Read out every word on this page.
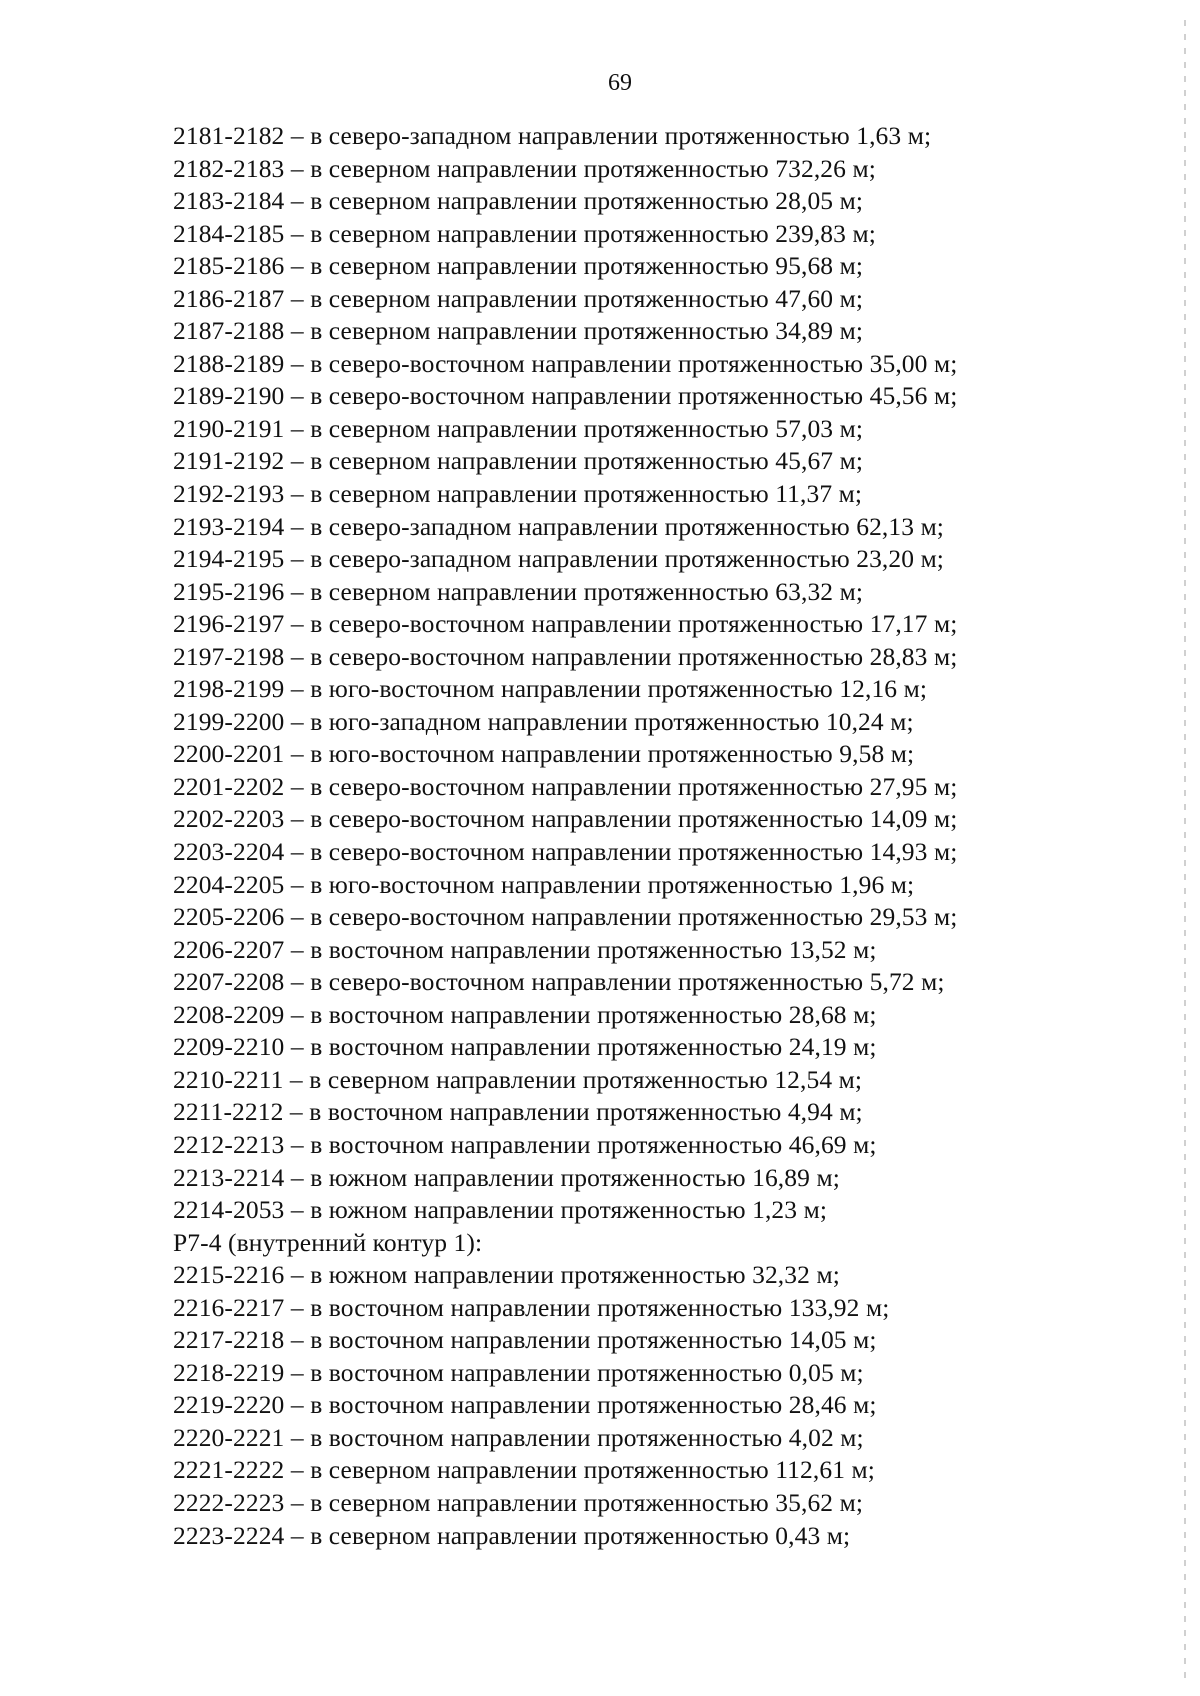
69
2181-2182 – в северо-западном направлении протяженностью 1,63 м;
2182-2183 – в северном направлении протяженностью 732,26 м;
2183-2184 – в северном направлении протяженностью 28,05 м;
2184-2185 – в северном направлении протяженностью 239,83 м;
2185-2186 – в северном направлении протяженностью 95,68 м;
2186-2187 – в северном направлении протяженностью 47,60 м;
2187-2188 – в северном направлении протяженностью 34,89 м;
2188-2189 – в северо-восточном направлении протяженностью 35,00 м;
2189-2190 – в северо-восточном направлении протяженностью 45,56 м;
2190-2191 – в северном направлении протяженностью 57,03 м;
2191-2192 – в северном направлении протяженностью 45,67 м;
2192-2193 – в северном направлении протяженностью 11,37 м;
2193-2194 – в северо-западном направлении протяженностью 62,13 м;
2194-2195 – в северо-западном направлении протяженностью 23,20 м;
2195-2196 – в северном направлении протяженностью 63,32 м;
2196-2197 – в северо-восточном направлении протяженностью 17,17 м;
2197-2198 – в северо-восточном направлении протяженностью 28,83 м;
2198-2199 – в юго-восточном направлении протяженностью 12,16 м;
2199-2200 – в юго-западном направлении протяженностью 10,24 м;
2200-2201 – в юго-восточном направлении протяженностью 9,58 м;
2201-2202 – в северо-восточном направлении протяженностью 27,95 м;
2202-2203 – в северо-восточном направлении протяженностью 14,09 м;
2203-2204 – в северо-восточном направлении протяженностью 14,93 м;
2204-2205 – в юго-восточном направлении протяженностью 1,96 м;
2205-2206 – в северо-восточном направлении протяженностью 29,53 м;
2206-2207 – в восточном направлении протяженностью 13,52 м;
2207-2208 – в северо-восточном направлении протяженностью 5,72 м;
2208-2209 – в восточном направлении протяженностью 28,68 м;
2209-2210 – в восточном направлении протяженностью 24,19 м;
2210-2211 – в северном направлении протяженностью 12,54 м;
2211-2212 – в восточном направлении протяженностью 4,94 м;
2212-2213 – в восточном направлении протяженностью 46,69 м;
2213-2214 – в южном направлении протяженностью 16,89 м;
2214-2053 – в южном направлении протяженностью 1,23 м;
Р7-4 (внутренний контур 1):
2215-2216 – в южном направлении протяженностью 32,32 м;
2216-2217 – в восточном направлении протяженностью 133,92 м;
2217-2218 – в восточном направлении протяженностью 14,05 м;
2218-2219 – в восточном направлении протяженностью 0,05 м;
2219-2220 – в восточном направлении протяженностью 28,46 м;
2220-2221 – в восточном направлении протяженностью 4,02 м;
2221-2222 – в северном направлении протяженностью 112,61 м;
2222-2223 – в северном направлении протяженностью 35,62 м;
2223-2224 – в северном направлении протяженностью 0,43 м;
